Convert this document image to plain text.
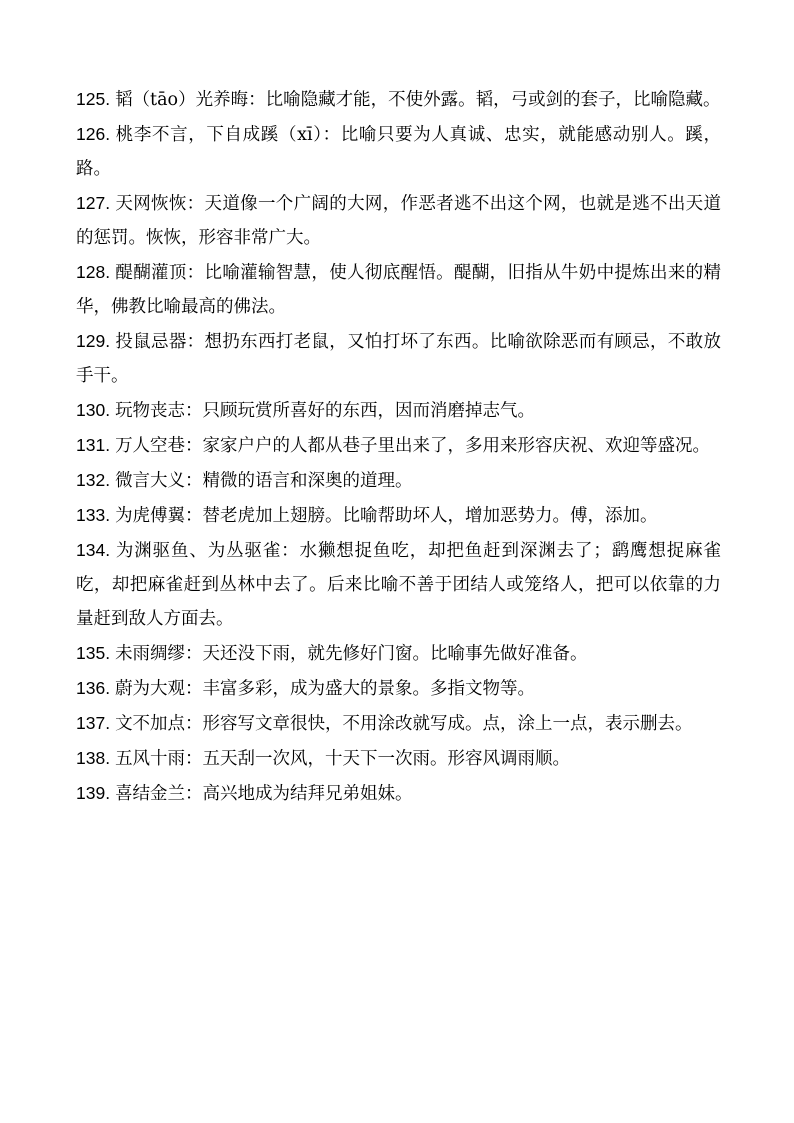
125. 韬（tāo）光养晦：比喻隐藏才能，不使外露。韬，弓或剑的套子，比喻隐藏。

126. 桃李不言，下自成蹊（xī）：比喻只要为人真诚、忠实，就能感动别人。蹊，路。

127. 天网恢恢：天道像一个广阔的大网，作恶者逃不出这个网，也就是逃不出天道的惩罚。恢恢，形容非常广大。

128. 醍醐灌顶：比喻灌输智慧，使人彻底醒悟。醍醐，旧指从牛奶中提炼出来的精华，佛教比喻最高的佛法。

129. 投鼠忌器：想扔东西打老鼠，又怕打坏了东西。比喻欲除恶而有顾忌，不敢放手干。

130. 玩物丧志：只顾玩赏所喜好的东西，因而消磨掉志气。

131. 万人空巷：家家户户的人都从巷子里出来了，多用来形容庆祝、欢迎等盛况。

132. 微言大义：精微的语言和深奥的道理。

133. 为虎傅翼：替老虎加上翅膀。比喻帮助坏人，增加恶势力。傅，添加。

134. 为渊驱鱼、为丛驱雀：水獭想捉鱼吃，却把鱼赶到深渊去了；鹞鹰想捉麻雀吃，却把麻雀赶到丛林中去了。后来比喻不善于团结人或笼络人，把可以依靠的力量赶到敌人方面去。

135. 未雨绸缪：天还没下雨，就先修好门窗。比喻事先做好准备。

136. 蔚为大观：丰富多彩，成为盛大的景象。多指文物等。

137. 文不加点：形容写文章很快，不用涂改就写成。点，涂上一点，表示删去。

138. 五风十雨：五天刮一次风，十天下一次雨。形容风调雨顺。

139. 喜结金兰：高兴地成为结拜兄弟姐妹。
